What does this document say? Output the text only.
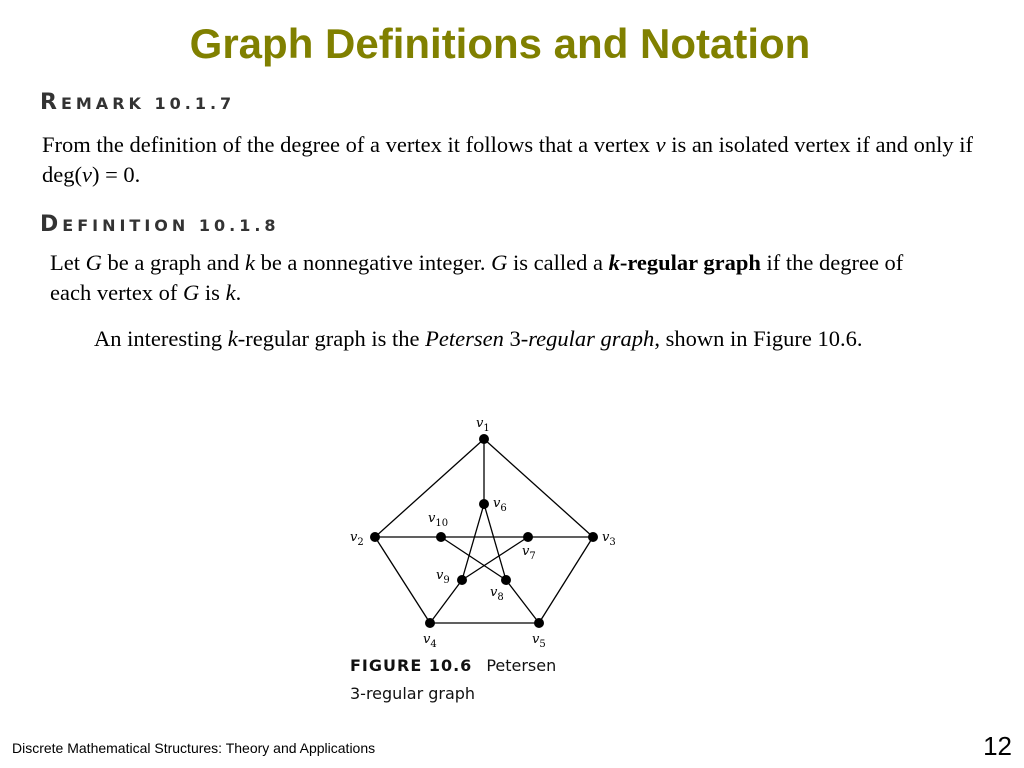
Graph Definitions and Notation
REMARK 10.1.7
From the definition of the degree of a vertex it follows that a vertex v is an isolated vertex if and only if deg(v) = 0.
DEFINITION 10.1.8
Let G be a graph and k be a nonnegative integer. G is called a k-regular graph if the degree of each vertex of G is k.
An interesting k-regular graph is the Petersen 3-regular graph, shown in Figure 10.6.
$v_1$
$v_2$	$v_3$
$v_4$	$v_5$
$v_6$
$v_7$
$v_8$
$v_9$
$v_{10}$
FIGURE 10.6 Petersen
3-regular graph
Discrete Mathematical Structures: Theory and Applications	12
